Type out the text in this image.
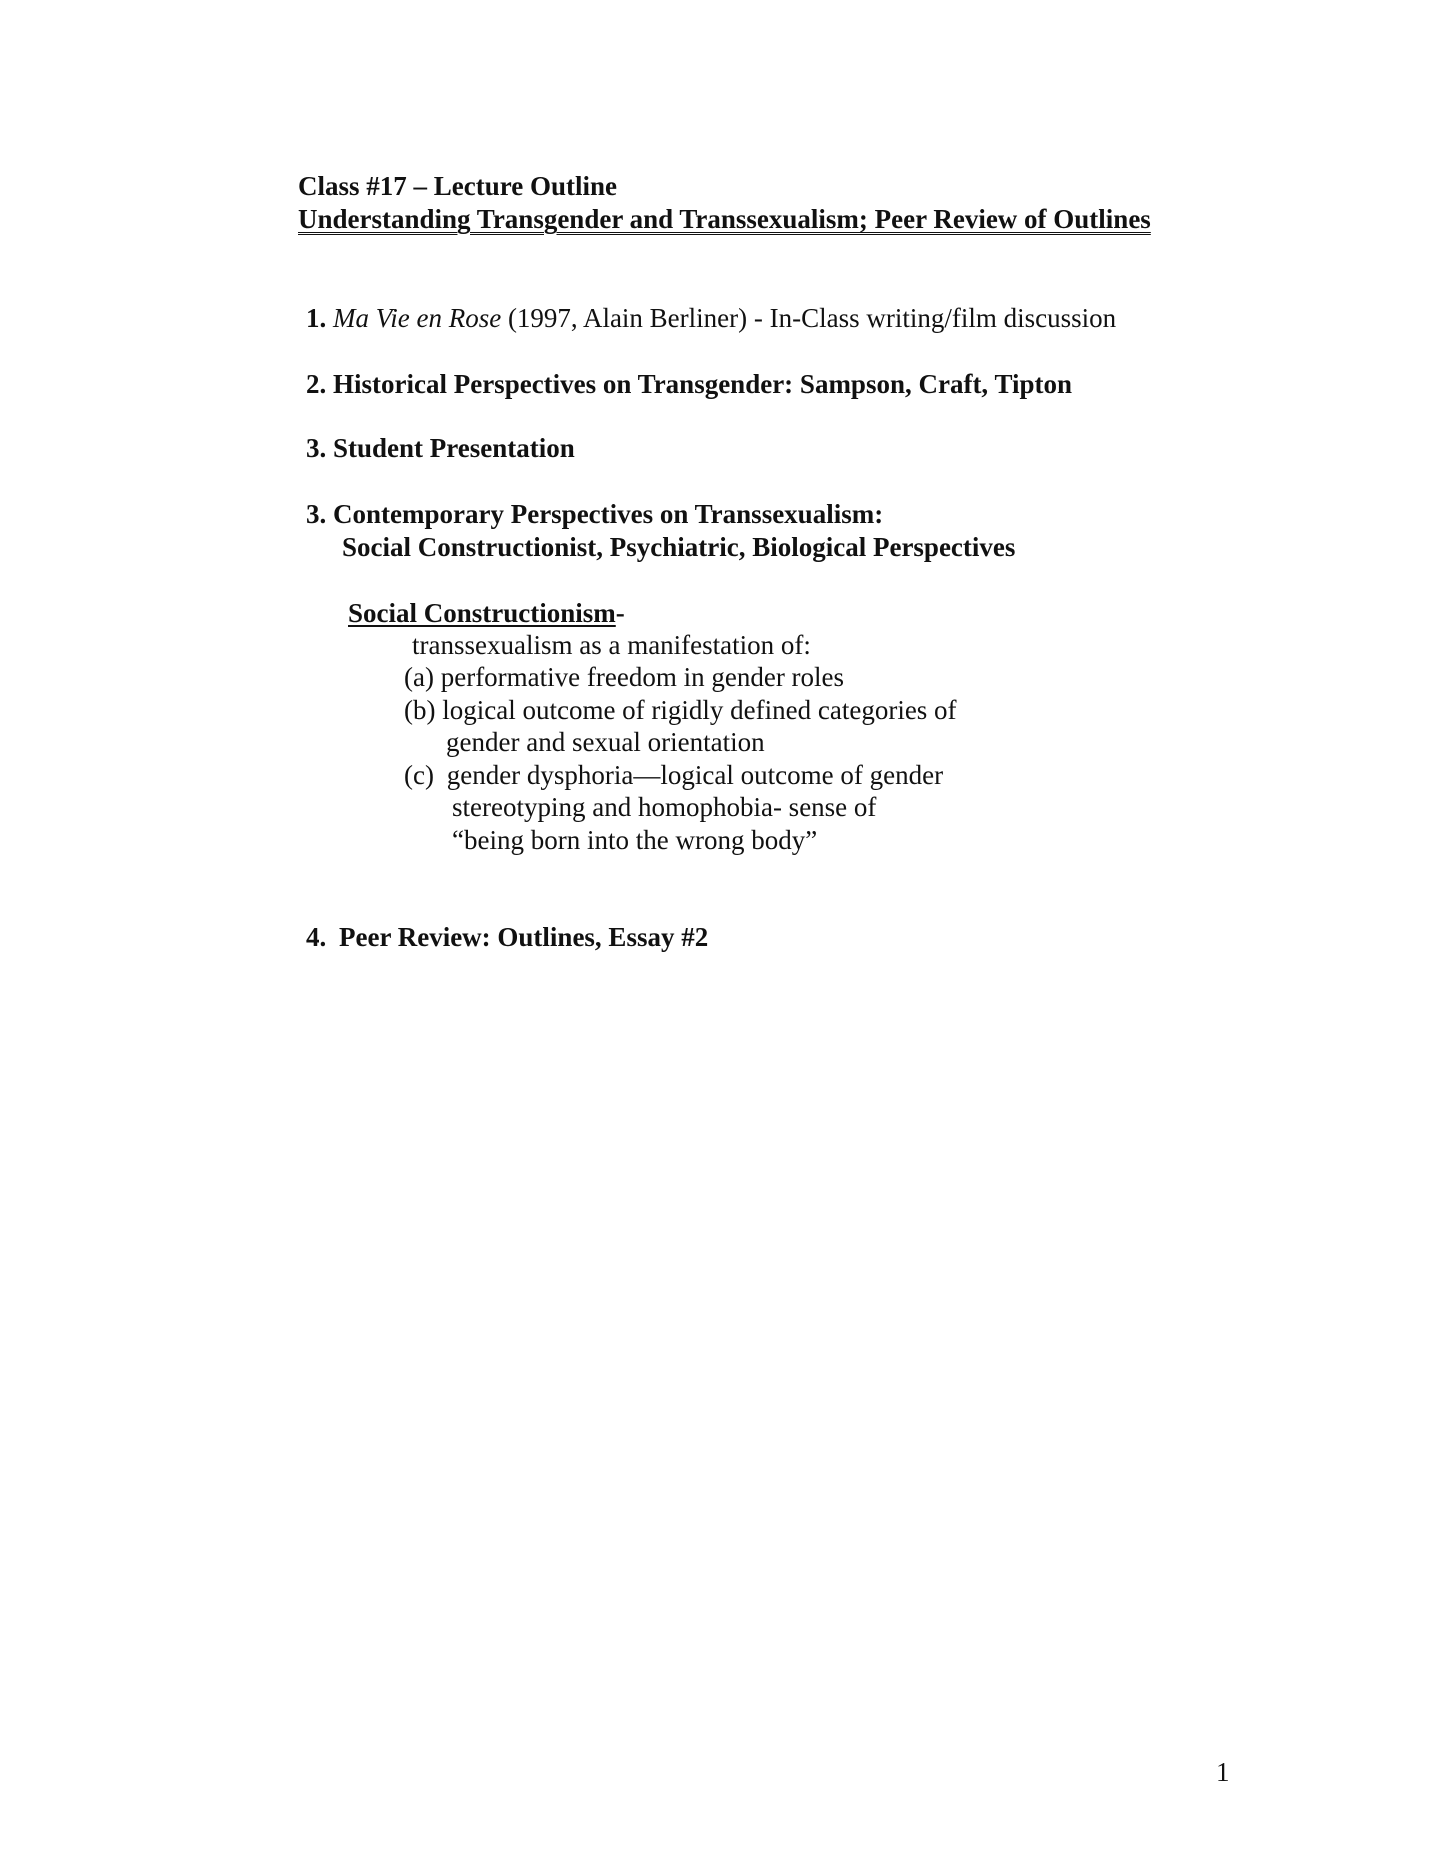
Class #17 – Lecture Outline
Understanding Transgender and Transsexualism; Peer Review of Outlines
1. Ma Vie en Rose (1997, Alain Berliner) - In-Class writing/film discussion
2. Historical Perspectives on Transgender: Sampson, Craft, Tipton
3. Student Presentation
3. Contemporary Perspectives on Transsexualism:
Social Constructionist, Psychiatric, Biological Perspectives
Social Constructionism-
transsexualism as a manifestation of:
(a) performative freedom in gender roles
(b) logical outcome of rigidly defined categories of
gender and sexual orientation
(c) gender dysphoria—logical outcome of gender
stereotyping and homophobia- sense of
“being born into the wrong body”
4. Peer Review: Outlines, Essay #2
1
